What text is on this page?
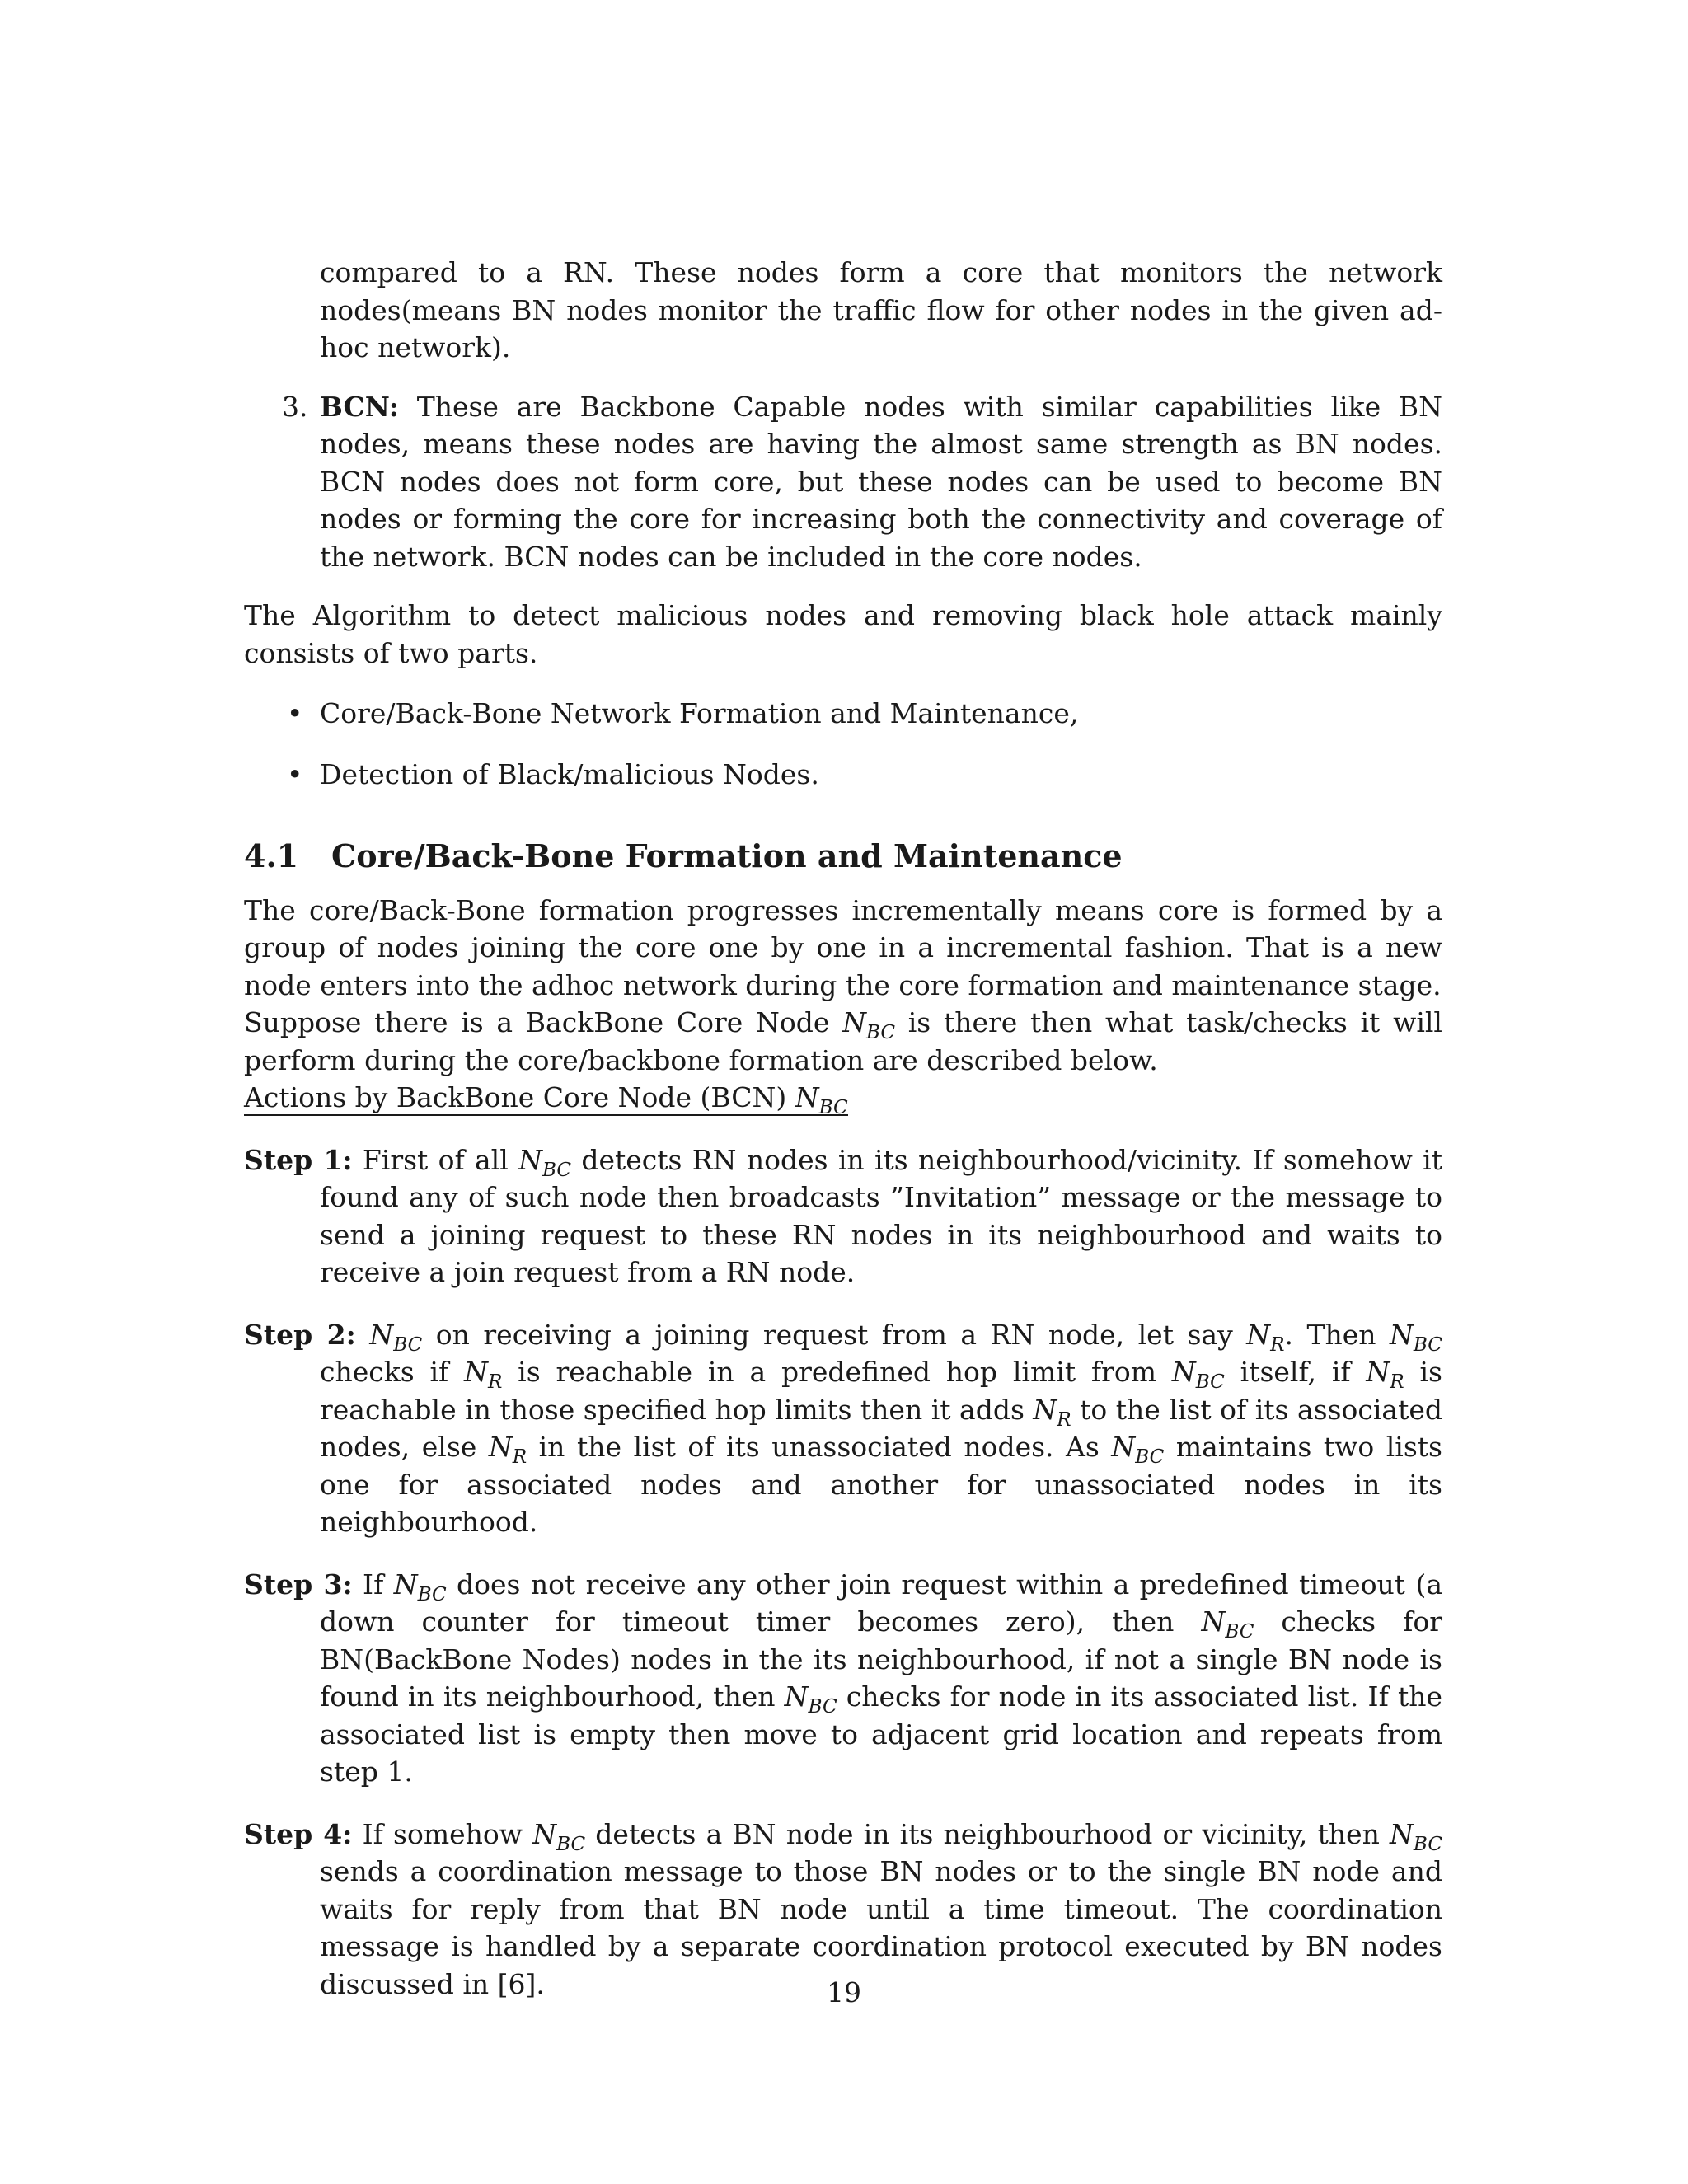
compared to a RN. These nodes form a core that monitors the network nodes(means BN nodes monitor the traffic flow for other nodes in the given ad-hoc network).

3. BCN: These are Backbone Capable nodes with similar capabilities like BN nodes, means these nodes are having the almost same strength as BN nodes. BCN nodes does not form core, but these nodes can be used to become BN nodes or forming the core for increasing both the connectivity and coverage of the network. BCN nodes can be included in the core nodes.

The Algorithm to detect malicious nodes and removing black hole attack mainly consists of two parts.

• Core/Back-Bone Network Formation and Maintenance,
• Detection of Black/malicious Nodes.
4.1 Core/Back-Bone Formation and Maintenance

The core/Back-Bone formation progresses incrementally means core is formed by a group of nodes joining the core one by one in a incremental fashion. That is a new node enters into the adhoc network during the core formation and maintenance stage.

Suppose there is a BackBone Core Node $N_{BC}$ is there then what task/checks it will perform during the core/backbone formation are described below.

Actions by BackBone Core Node (BCN) $N_{BC}$

Step 1: First of all $N_{BC}$ detects RN nodes in its neighbourhood/vicinity. If somehow it found any of such node then broadcasts ”Invitation” message or the message to send a joining request to these RN nodes in its neighbourhood and waits to receive a join request from a RN node.

Step 2: $N_{BC}$ on receiving a joining request from a RN node, let say $N_R$. Then $N_{BC}$ checks if $N_R$ is reachable in a predefined hop limit from $N_{BC}$ itself, if $N_R$ is reachable in those specified hop limits then it adds $N_R$ to the list of its associated nodes, else $N_R$ in the list of its unassociated nodes. As $N_{BC}$ maintains two lists one for associated nodes and another for unassociated nodes in its neighbourhood.

Step 3: If $N_{BC}$ does not receive any other join request within a predefined timeout (a down counter for timeout timer becomes zero), then $N_{BC}$ checks for BN(BackBone Nodes) nodes in the its neighbourhood, if not a single BN node is found in its neighbourhood, then $N_{BC}$ checks for node in its associated list. If the associated list is empty then move to adjacent grid location and repeats from step 1.

Step 4: If somehow $N_{BC}$ detects a BN node in its neighbourhood or vicinity, then $N_{BC}$ sends a coordination message to those BN nodes or to the single BN node and waits for reply from that BN node until a time timeout. The coordination message is handled by a separate coordination protocol executed by BN nodes discussed in [6].	19
